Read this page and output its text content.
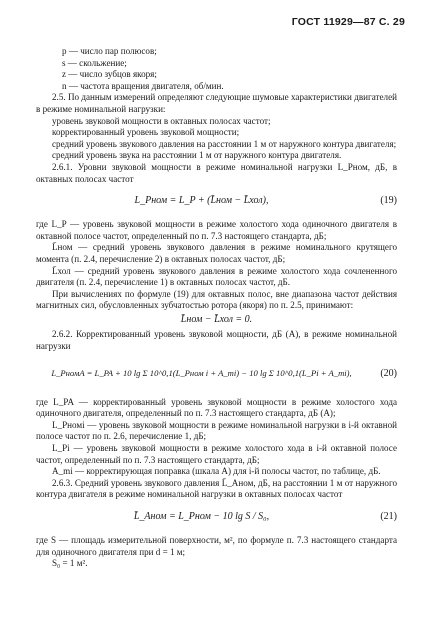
ГОСТ 11929—87 С. 29

p — число пар полюсов;

s — скольжение;

z — число зубцов якоря;

n — частота вращения двигателя, об/мин.

2.5. По данным измерений определяют следующие шумовые характеристики двигателей в режиме номинальной нагрузки:

уровень звуковой мощности в октавных полосах частот;

корректированный уровень звуковой мощности;

средний уровень звукового давления на расстоянии 1 м от наружного контура двигателя;

средний уровень звука на расстоянии 1 м от наружного контура двигателя.

2.6.1. Уровни звуковой мощности в режиме номинальной нагрузки L_Pном, дБ, в октавных полосах частот

L_Pном = L_P + (L̄ном − L̄хол),	(19)

где L_P — уровень звуковой мощности в режиме холостого хода одиночного двигателя в октавной полосе частот, определенный по п. 7.3 настоящего стандарта, дБ;

L̄ном — средний уровень звукового давления в режиме номинального крутящего момента (п. 2.4, перечисление 2) в октавных полосах частот, дБ;

L̄хол — средний уровень звукового давления в режиме холостого хода сочлененного двигателя (п. 2.4, перечисление 1) в октавных полосах частот, дБ.

При вычислениях по формуле (19) для октавных полос, вне диапазона частот действия магнитных сил, обусловленных зубчатостью ротора (якоря) по п. 2.5, принимают:

L̄ном − L̄хол = 0.

2.6.2. Корректированный уровень звуковой мощности, дБ (A), в режиме номинальной нагрузки

L_PномA = L_PA + 10 lg Σ 10^0,1(L_Pном i + A_mi) − 10 lg Σ 10^0,1(L_Pi + A_mi),	(20)

где L_PA — корректированный уровень звуковой мощности в режиме холостого хода одиночного двигателя, определенный по п. 7.3 настоящего стандарта, дБ (A);

L_Pномi — уровень звуковой мощности в режиме номинальной нагрузки в i-й октавной полосе частот по п. 2.6, перечисление 1, дБ;

L_Pi — уровень звуковой мощности в режиме холостого хода в i-й октавной полосе частот, определенный по п. 7.3 настоящего стандарта, дБ;

A_mi — корректирующая поправка (шкала A) для i-й полосы частот, по таблице, дБ.

2.6.3. Средний уровень звукового давления L̄_Aном, дБ, на расстоянии 1 м от наружного контура двигателя в режиме номинальной нагрузки в октавных полосах частот

L̄_Aном = L_Pном − 10 lg S / S₀,	(21)

где S — площадь измерительной поверхности, м², по формуле п. 7.3 настоящего стандарта для одиночного двигателя при d = 1 м;

S₀ = 1 м².
